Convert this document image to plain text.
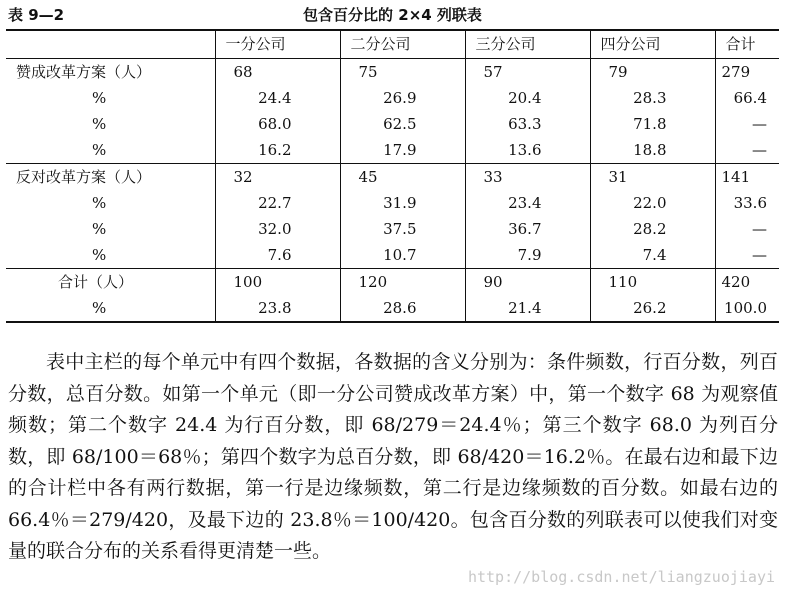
表 9—2	包含百分比的 2×4 列联表
	一分公司	二分公司	三分公司	四分公司	合计
赞成改革方案（人）	68	75	57	79	279
%	24.4	26.9	20.4	28.3	66.4
%	68.0	62.5	63.3	71.8	—
%	16.2	17.9	13.6	18.8	—
反对改革方案（人）	32	45	33	31	141
%	22.7	31.9	23.4	22.0	33.6
%	32.0	37.5	36.7	28.2	—
%	7.6	10.7	7.9	7.4	—
合计（人）	100	120	90	110	420
%	23.8	28.6	21.4	26.2	100.0

表中主栏的每个单元中有四个数据，各数据的含义分别为：条件频数，行百分数，列百分数，总百分数。如第一个单元（即一分公司赞成改革方案）中，第一个数字 68 为观察值频数；第二个数字 24.4 为行百分数，即 68/279＝24.4％；第三个数字 68.0 为列百分数，即 68/100＝68％；第四个数字为总百分数，即 68/420＝16.2％。在最右边和最下边的合计栏中各有两行数据，第一行是边缘频数，第二行是边缘频数的百分数。如最右边的 66.4％＝279/420，及最下边的 23.8％＝100/420。包含百分数的列联表可以使我们对变量的联合分布的关系看得更清楚一些。

http://blog.csdn.net/liangzuojiayi
